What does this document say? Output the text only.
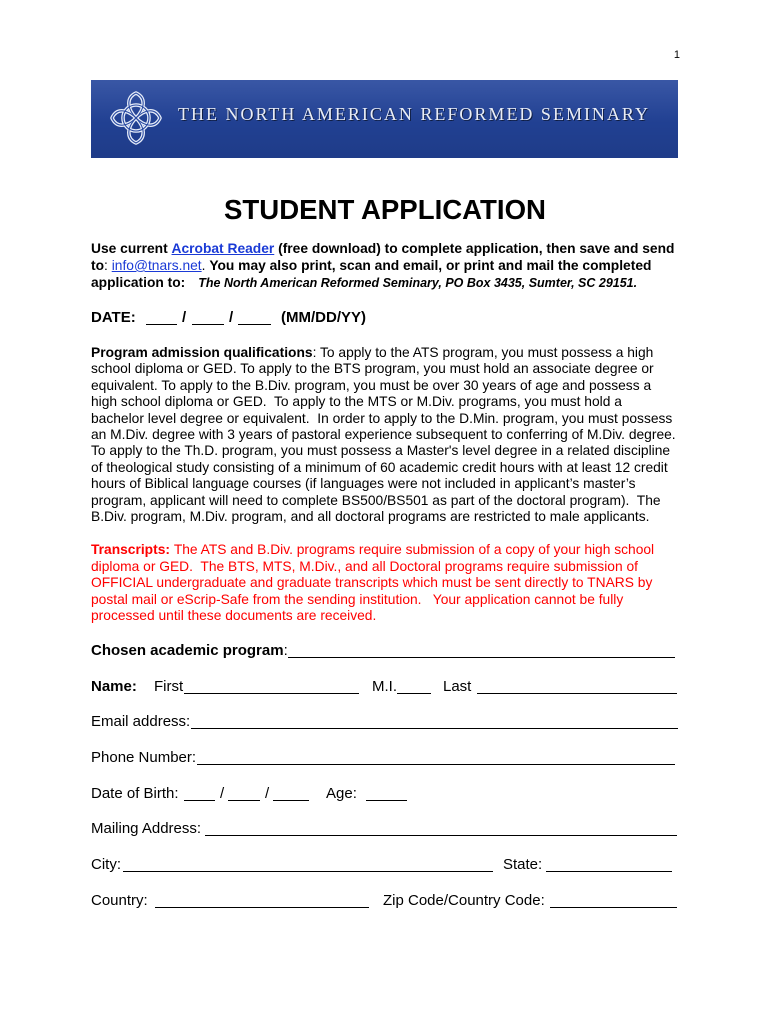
1
THE NORTH AMERICAN REFORMED SEMINARY
STUDENT APPLICATION
Use current Acrobat Reader (free download) to complete application, then save and send
to: info@tnars.net. You may also print, scan and email, or print and mail the completed
application to: The North American Reformed Seminary, PO Box 3435, Sumter, SC 29151.
DATE:	/	/	(MM/DD/YY)
Program admission qualifications: To apply to the ATS program, you must possess a high
school diploma or GED. To apply to the BTS program, you must hold an associate degree or
equivalent. To apply to the B.Div. program, you must be over 30 years of age and possess a
high school diploma or GED.  To apply to the MTS or M.Div. programs, you must hold a
bachelor level degree or equivalent.  In order to apply to the D.Min. program, you must possess
an M.Div. degree with 3 years of pastoral experience subsequent to conferring of M.Div. degree.
To apply to the Th.D. program, you must possess a Master's level degree in a related discipline
of theological study consisting of a minimum of 60 academic credit hours with at least 12 credit
hours of Biblical language courses (if languages were not included in applicant’s master’s
program, applicant will need to complete BS500/BS501 as part of the doctoral program).  The
B.Div. program, M.Div. program, and all doctoral programs are restricted to male applicants.
Transcripts: The ATS and B.Div. programs require submission of a copy of your high school
diploma or GED.  The BTS, MTS, M.Div., and all Doctoral programs require submission of
OFFICIAL undergraduate and graduate transcripts which must be sent directly to TNARS by
postal mail or eScrip-Safe from the sending institution.   Your application cannot be fully
processed until these documents are received.
Chosen academic program:
Name: First	M.I.	Last
Email address:
Phone Number:
Date of Birth:	/	/	Age:
Mailing Address:
City:	State:
Country:	Zip Code/Country Code:
